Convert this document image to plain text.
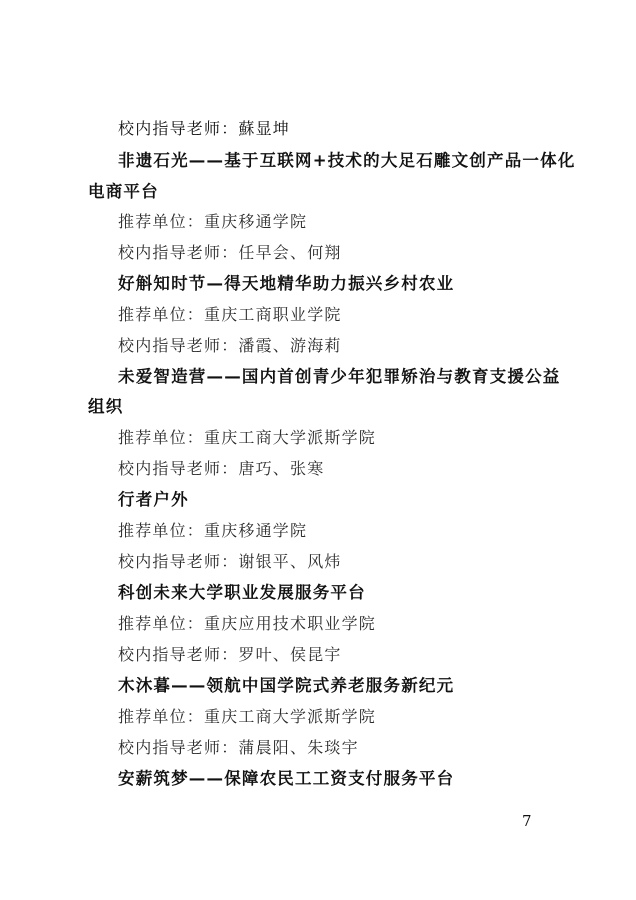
校内指导老师：蘇显坤
非遗石光——基于互联网+技术的大足石雕文创产品一体化
电商平台
推荐单位：重庆移通学院
校内指导老师：任早会、何翔
好斛知时节—得天地精华助力振兴乡村农业
推荐单位：重庆工商职业学院
校内指导老师：潘霞、游海莉
未爱智造营——国内首创青少年犯罪矫治与教育支援公益
组织
推荐单位：重庆工商大学派斯学院
校内指导老师：唐巧、张寒
行者户外
推荐单位：重庆移通学院
校内指导老师：谢银平、风炜
科创未来大学职业发展服务平台
推荐单位：重庆应用技术职业学院
校内指导老师：罗叶、侯昆宇
木沐暮——领航中国学院式养老服务新纪元
推荐单位：重庆工商大学派斯学院
校内指导老师：蒲晨阳、朱琰宇
安薪筑梦——保障农民工工资支付服务平台
7
